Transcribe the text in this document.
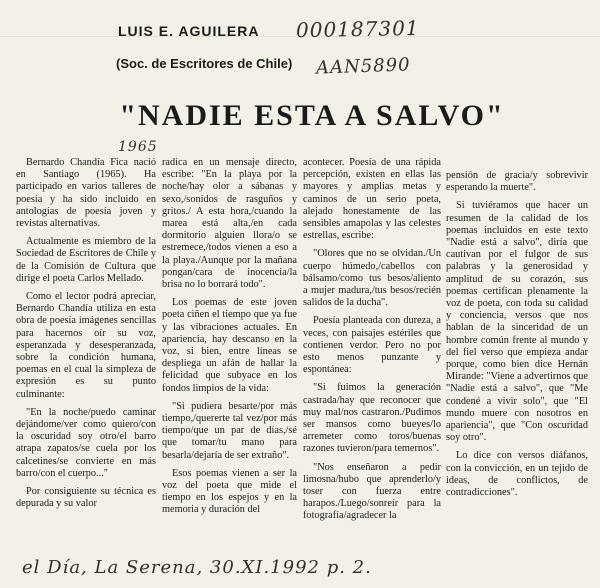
LUIS E. AGUILERA 000187301
(Soc. de Escritores de Chile) AAN5890
"NADIE ESTA A SALVO"
1965

Bernardo Chandía Fica nació en Santiago (1965). Ha participado en varios talleres de poesía y ha sido incluido en antologías de poesía joven y revistas alternativas.

Actualmente es miembro de la Sociedad de Escritores de Chile y de la Comisión de Cultura que dirige el poeta Carlos Mellado.

Como el lector podrá apreciar, Bernardo Chandía utiliza en esta obra de poesía imágenes sencillas para hacernos oír su voz, esperanzada y desesperanzada, sobre la condición humana, poemas en el cual la simpleza de expresión es su punto culminante:

"En la noche/puedo caminar dejándome/ver como quiero/con la oscuridad soy otro/el barro atrapa zapatos/se cuela por los calcetines/se convierte en más barro/con el cuerpo..."

Por consiguiente su técnica es depurada y su valor

radica en un mensaje directo, escribe: "En la playa por la noche/hay olor a sábanas y sexo,/sonidos de rasguños y gritos./ A esta hora,/cuando la marea está alta,/en cada dormitorio alguien llora/o se estremece,/todos vienen a eso a la playa./Aunque por la mañana pongan/cara de inocencia/la brisa no lo borrará todo".

Los poemas de este joven poeta ciñen el tiempo que ya fue y las vibraciones actuales. En apariencia, hay descanso en la voz, si bien, entre líneas se despliega un afán de hallar la felicidad que subyace en los fondos limpios de la vida:

"Si pudiera besarte/por más tiempo,/quererte tal vez/por más tiempo/que un par de días,/sé que tomar/tu mano para besarla/dejaría de ser extraño".

Esos poemas vienen a ser la voz del poeta que mide el tiempo en los espejos y en la memoria y duración del

acontecer. Poesía de una rápida percepción, existen en ellas las mayores y amplias metas y caminos de un serio poeta, alejado honestamente de las sensibles amapolas y las celestes estrellas, escribe:

"Olores que no se olvidan./Un cuerpo húmedo,/cabellos con bálsamo/como tus besos/aliento a mujer madura,/tus besos/recién salidos de la ducha".

Poesía planteada con dureza, a veces, con paisajes estériles que contienen verdor. Pero no por esto menos punzante y espontánea:

"Si fuimos la generación castrada/hay que reconocer que muy mal/nos castraron./Pudimos ser mansos como bueyes/lo arremeter como toros/buenas razones tuvieron/para temernos".

"Nos enseñaron a pedir limosna/hubo que aprenderlo/y toser con fuerza entre harapos./Luego/sonreír para la fotografía/agradecer la

pensión de gracia/y sobrevivir esperando la muerte".

Si tuviéramos que hacer un resumen de la calidad de los poemas incluidos en este texto "Nadie está a salvo", diría que cautivan por el fulgor de sus palabras y la generosidad y amplitud de su corazón, sus poemas certifican plenamente la voz de poeta, con toda su calidad y conciencia, versos que nos hablan de la sinceridad de un hombre común frente al mundo y del fiel verso que empieza andar porque, como bien dice Hernán Mirande: "Viene a advertirnos que "Nadie está a salvo", que "Me condené a vivir solo", que "El mundo muere con nosotros en apariencia", que "Con oscuridad soy otro".

Lo dice con versos diáfanos, con la convicción, en un tejido de ideas, de conflictos, de contradicciones".

el Día, La Serena, 30.XI.1992 p. 2.
